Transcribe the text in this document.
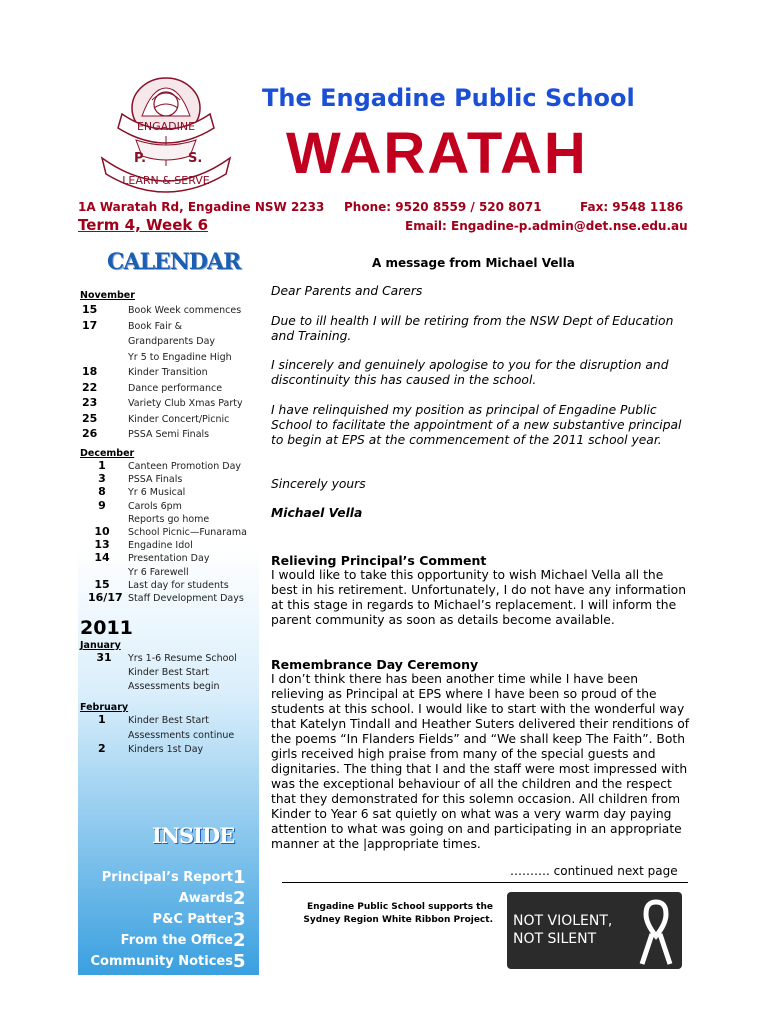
ENGADINE
P.	S.
LEARN & SERVE
The Engadine Public School
WARATAH
1A Waratah Rd, Engadine NSW 2233 Phone: 9520 8559 / 520 8071	Fax: 9548 1186
Term 4, Week 6	Email: Engadine-p.admin@det.nse.edu.au
CALENDAR
November
15	Book Week commences
17	Book Fair &
Grandparents Day
Yr 5 to Engadine High
18	Kinder Transition
22	Dance performance
23	Variety Club Xmas Party
25	Kinder Concert/Picnic
26	PSSA Semi Finals
December
1	Canteen Promotion Day
3	PSSA Finals
8	Yr 6 Musical
9	Carols 6pm
Reports go home
10	School Picnic—Funarama
13	Engadine Idol
14	Presentation Day
Yr 6 Farewell
15	Last day for students
16/17 Staff Development Days
2011
January
31	Yrs 1-6 Resume School
Kinder Best Start
Assessments begin
February
1 Kinder Best Start
Assessments continue
2 Kinders 1st Day
INSIDE
Principal’s Report 1
Awards 2
P&C Patter 3
From the Office 2
Community Notices 5
A message from Michael Vella
Dear Parents and Carers
Due to ill health I will be retiring from the NSW Dept of Education and Training.
I sincerely and genuinely apologise to you for the disruption and discontinuity this has caused in the school.
I have relinquished my position as principal of Engadine Public School to facilitate the appointment of a new substantive principal to begin at EPS at the commencement of the 2011 school year.
Sincerely yours
Michael Vella
Relieving Principal’s Comment
I would like to take this opportunity to wish Michael Vella all the best in his retirement. Unfortunately, I do not have any information at this stage in regards to Michael’s replacement. I will inform the parent community as soon as details become available.
Remembrance Day Ceremony
I don’t think there has been another time while I have been relieving as Principal at EPS where I have been so proud of the students at this school. I would like to start with the wonderful way that Katelyn Tindall and Heather Suters delivered their renditions of the poems “In Flanders Fields” and “We shall keep The Faith”. Both girls received high praise from many of the special guests and dignitaries. The thing that I and the staff were most impressed with was the exceptional behaviour of all the children and the respect that they demonstrated for this solemn occasion. All children from Kinder to Year 6 sat quietly on what was a very warm day paying attention to what was going on and participating in an appropriate manner at the |appropriate times.
………. continued next page
Engadine Public School supports the Sydney Region White Ribbon Project. NOT VIOLENT,
NOT SILENT
